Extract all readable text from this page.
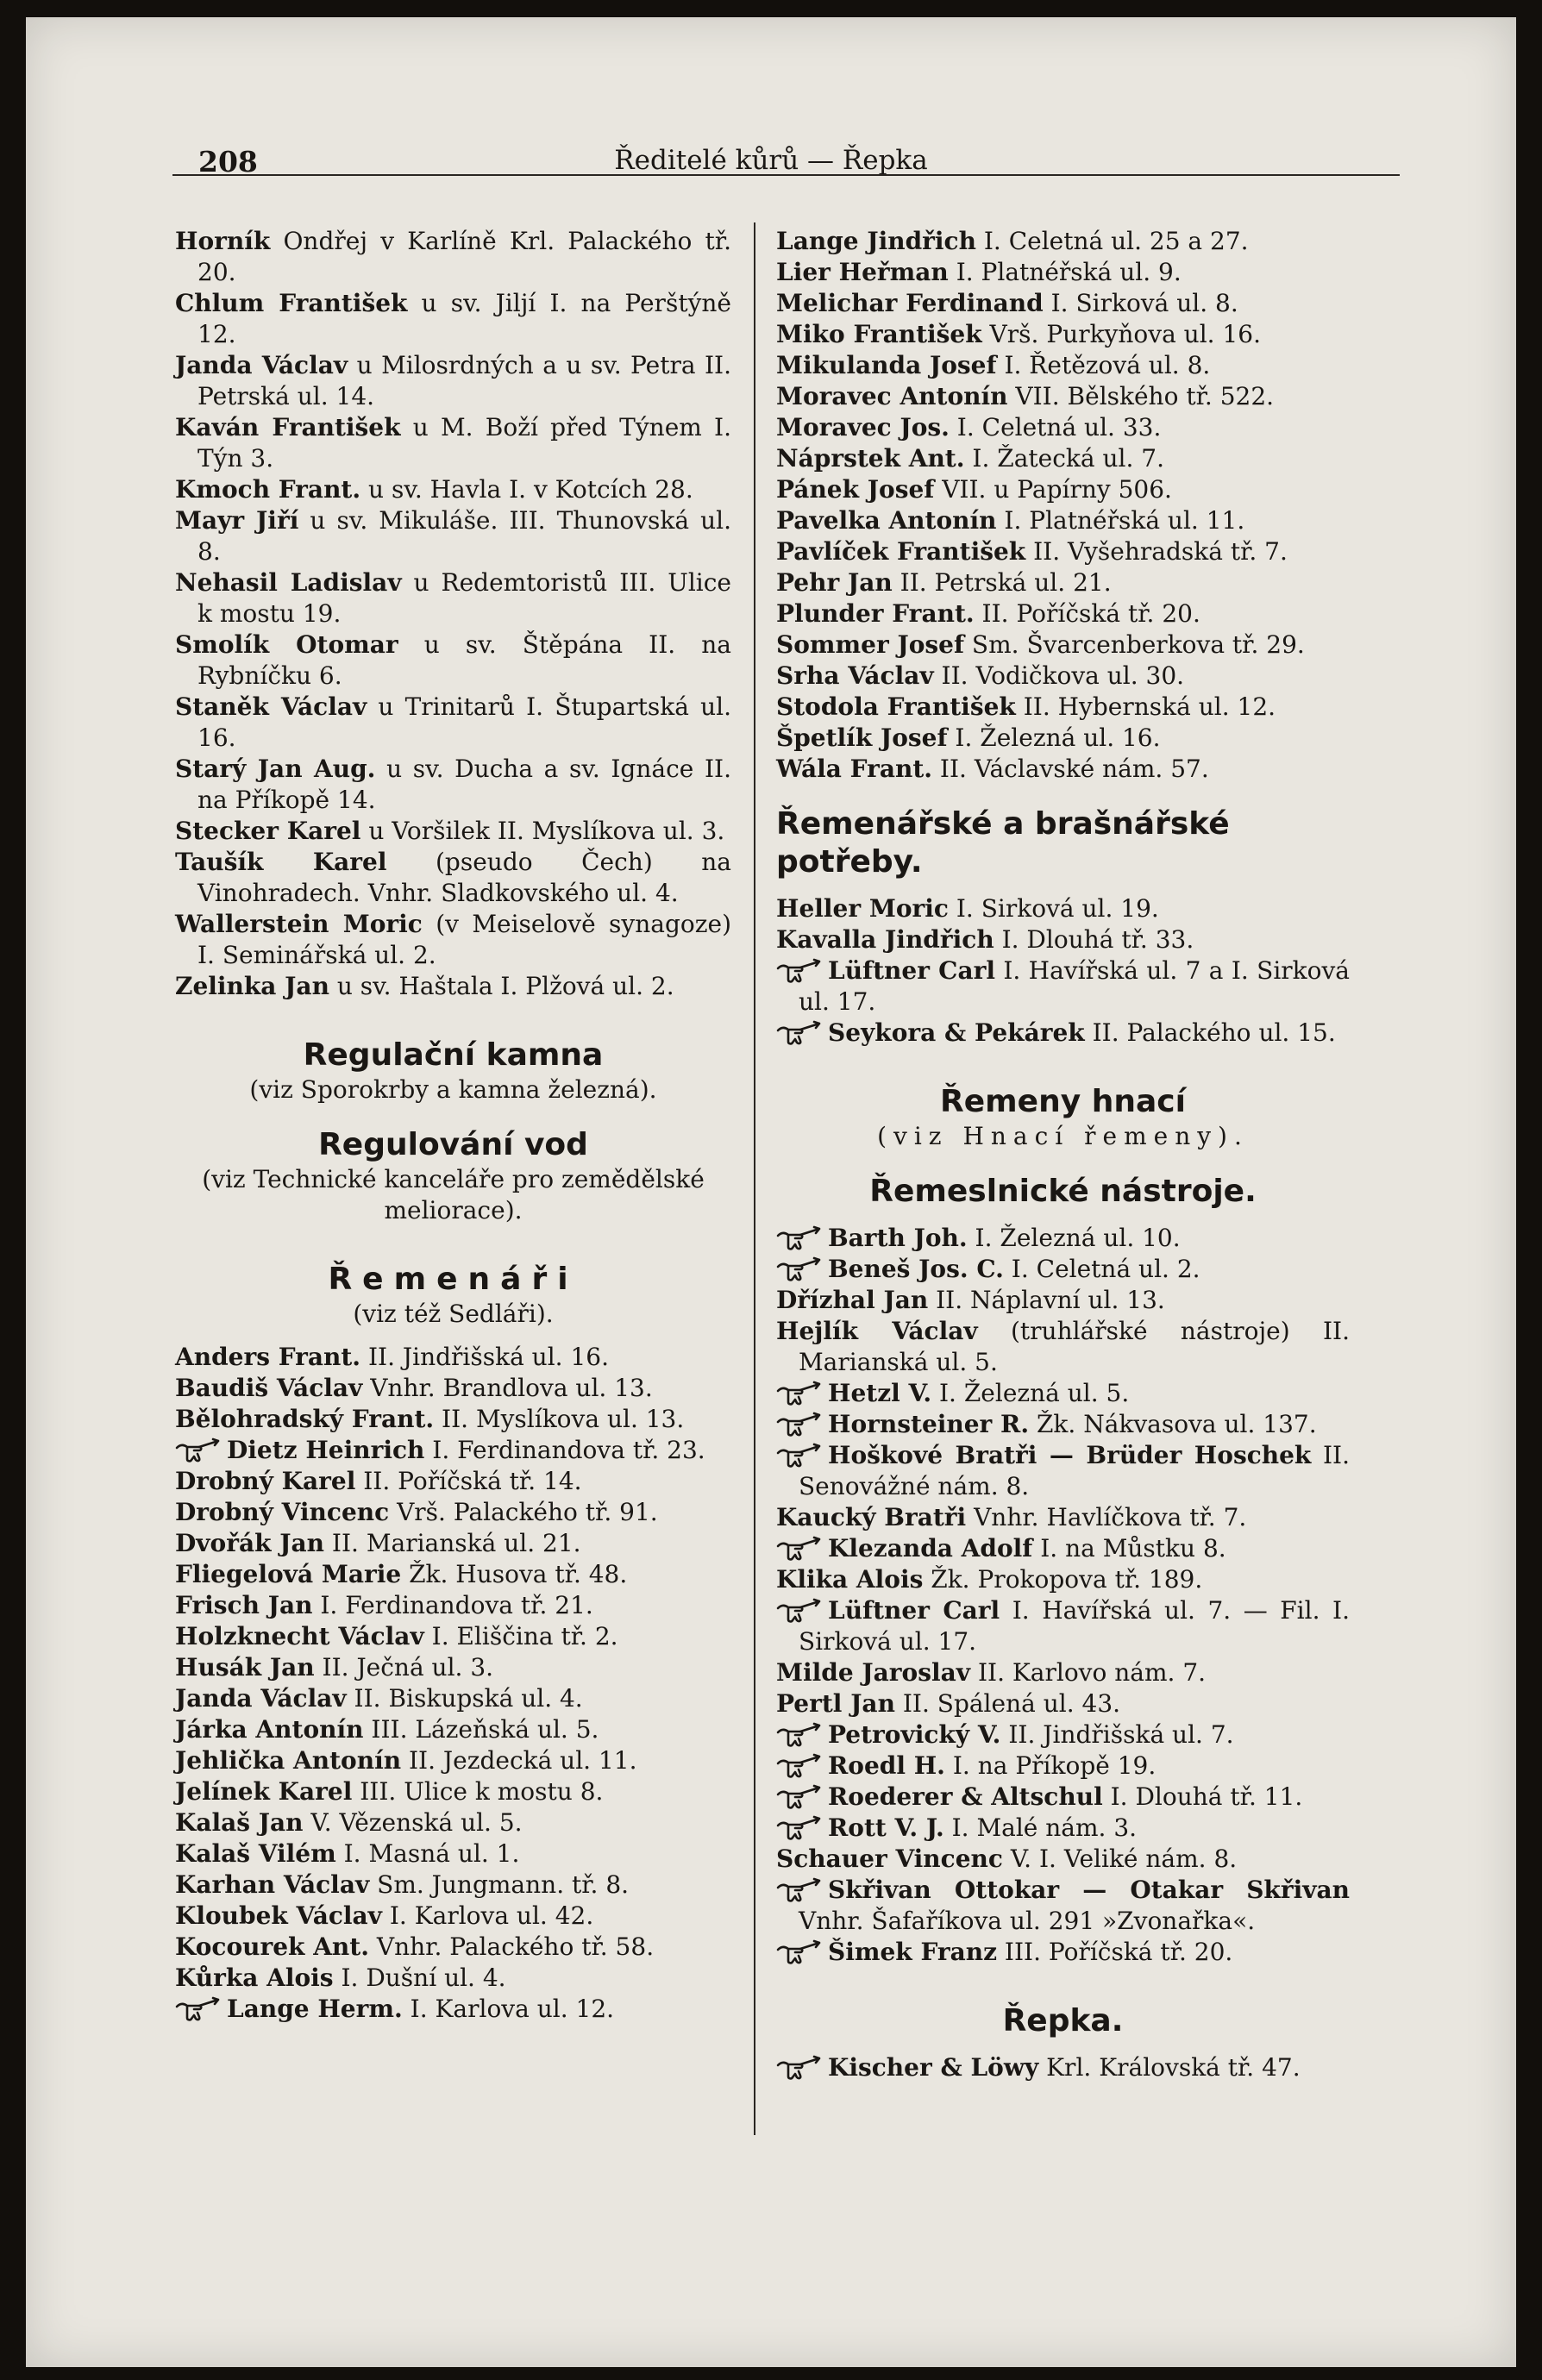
208	Ředitelé kůrů — Řepka

Horník Ondřej v Karlíně Krl. Palackého tř. 20.

Chlum František u sv. Jiljí I. na Perštýně 12.

Janda Václav u Milosrdných a u sv. Petra II. Petrská ul. 14.

Kaván František u M. Boží před Týnem I. Týn 3.

Kmoch Frant. u sv. Havla I. v Kotcích 28.

Mayr Jiří u sv. Mikuláše. III. Thunovská ul. 8.

Nehasil Ladislav u Redemtoristů III. Ulice k mostu 19.

Smolík Otomar u sv. Štěpána II. na Rybníčku 6.

Staněk Václav u Trinitarů I. Štupartská ul. 16.

Starý Jan Aug. u sv. Ducha a sv. Ignáce II. na Příkopě 14.

Stecker Karel u Voršilek II. Myslíkova ul. 3.

Taušík Karel (pseudo Čech) na Vinohradech. Vnhr. Sladkovského ul. 4.

Wallerstein Moric (v Meiselově synagoze) I. Seminářská ul. 2.

Zelinka Jan u sv. Haštala I. Plžová ul. 2.

Regulační kamna

(viz Sporokrby a kamna železná).

Regulování vod

(viz Technické kanceláře pro zemědělské meliorace).

Řemenáři

(viz též Sedláři).

Anders Frant. II. Jindřišská ul. 16.

Baudiš Václav Vnhr. Brandlova ul. 13.

Bělohradský Frant. II. Myslíkova ul. 13.

Dietz Heinrich I. Ferdinandova tř. 23.

Drobný Karel II. Poříčská tř. 14.

Drobný Vincenc Vrš. Palackého tř. 91.

Dvořák Jan II. Marianská ul. 21.

Fliegelová Marie Žk. Husova tř. 48.

Frisch Jan I. Ferdinandova tř. 21.

Holzknecht Václav I. Eliščina tř. 2.

Husák Jan II. Ječná ul. 3.

Janda Václav II. Biskupská ul. 4.

Járka Antonín III. Lázeňská ul. 5.

Jehlička Antonín II. Jezdecká ul. 11.

Jelínek Karel III. Ulice k mostu 8.

Kalaš Jan V. Vězenská ul. 5.

Kalaš Vilém I. Masná ul. 1.

Karhan Václav Sm. Jungmann. tř. 8.

Kloubek Václav I. Karlova ul. 42.

Kocourek Ant. Vnhr. Palackého tř. 58.

Kůrka Alois I. Dušní ul. 4.

Lange Herm. I. Karlova ul. 12.

Lange Jindřich I. Celetná ul. 25 a 27.

Lier Heřman I. Platnéřská ul. 9.

Melichar Ferdinand I. Sirková ul. 8.

Miko František Vrš. Purkyňova ul. 16.

Mikulanda Josef I. Řetězová ul. 8.

Moravec Antonín VII. Bělského tř. 522.

Moravec Jos. I. Celetná ul. 33.

Náprstek Ant. I. Žatecká ul. 7.

Pánek Josef VII. u Papírny 506.

Pavelka Antonín I. Platnéřská ul. 11.

Pavlíček František II. Vyšehradská tř. 7.

Pehr Jan II. Petrská ul. 21.

Plunder Frant. II. Poříčská tř. 20.

Sommer Josef Sm. Švarcenberkova tř. 29.

Srha Václav II. Vodičkova ul. 30.

Stodola František II. Hybernská ul. 12.

Špetlík Josef I. Železná ul. 16.

Wála Frant. II. Václavské nám. 57.

Řemenářské a brašnářské potřeby.

Heller Moric I. Sirková ul. 19.

Kavalla Jindřich I. Dlouhá tř. 33.

Lüftner Carl I. Havířská ul. 7 a I. Sirková ul. 17.

Seykora & Pekárek II. Palackého ul. 15.

Řemeny hnací

(viz Hnací řemeny).

Řemeslnické nástroje.

Barth Joh. I. Železná ul. 10.

Beneš Jos. C. I. Celetná ul. 2.

Dřízhal Jan II. Náplavní ul. 13.

Hejlík Václav (truhlářské nástroje) II. Marianská ul. 5.

Hetzl V. I. Železná ul. 5.

Hornsteiner R. Žk. Nákvasova ul. 137.

Hoškové Bratři — Brüder Hoschek II. Senovážné nám. 8.

Kaucký Bratři Vnhr. Havlíčkova tř. 7.

Klezanda Adolf I. na Můstku 8.

Klika Alois Žk. Prokopova tř. 189.

Lüftner Carl I. Havířská ul. 7. — Fil. I. Sirková ul. 17.

Milde Jaroslav II. Karlovo nám. 7.

Pertl Jan II. Spálená ul. 43.

Petrovický V. II. Jindřišská ul. 7.

Roedl H. I. na Příkopě 19.

Roederer & Altschul I. Dlouhá tř. 11.

Rott V. J. I. Malé nám. 3.

Schauer Vincenc V. I. Veliké nám. 8.

Skřivan Ottokar — Otakar Skřivan Vnhr. Šafaříkova ul. 291 »Zvonařka«.

Šimek Franz III. Poříčská tř. 20.

Řepka.

Kischer & Löwy Krl. Královská tř. 47.
